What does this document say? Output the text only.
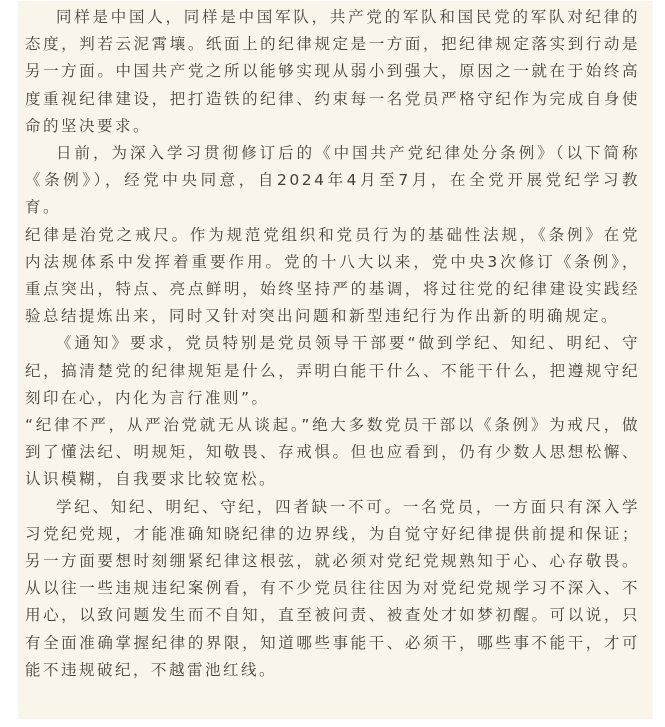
同样是中国人，同样是中国军队，共产党的军队和国民党的军队对纪律的态度，判若云泥霄壤。纸面上的纪律规定是一方面，把纪律规定落实到行动是另一方面。中国共产党之所以能够实现从弱小到强大，原因之一就在于始终高度重视纪律建设，把打造铁的纪律、约束每一名党员严格守纪作为完成自身使命的坚决要求。

日前，为深入学习贯彻修订后的《中国共产党纪律处分条例》（以下简称《条例》），经党中央同意，自2024年4月至7月，在全党开展党纪学习教育。

纪律是治党之戒尺。作为规范党组织和党员行为的基础性法规，《条例》在党内法规体系中发挥着重要作用。党的十八大以来，党中央3次修订《条例》，重点突出，特点、亮点鲜明，始终坚持严的基调，将过往党的纪律建设实践经验总结提炼出来，同时又针对突出问题和新型违纪行为作出新的明确规定。

《通知》要求，党员特别是党员领导干部要“做到学纪、知纪、明纪、守纪，搞清楚党的纪律规矩是什么，弄明白能干什么、不能干什么，把遵规守纪刻印在心，内化为言行准则”。

“纪律不严，从严治党就无从谈起。”绝大多数党员干部以《条例》为戒尺，做到了懂法纪、明规矩，知敬畏、存戒惧。但也应看到，仍有少数人思想松懈、认识模糊，自我要求比较宽松。

学纪、知纪、明纪、守纪，四者缺一不可。一名党员，一方面只有深入学习党纪党规，才能准确知晓纪律的边界线，为自觉守好纪律提供前提和保证；另一方面要想时刻绷紧纪律这根弦，就必须对党纪党规熟知于心、心存敬畏。从以往一些违规违纪案例看，有不少党员往往因为对党纪党规学习不深入、不用心，以致问题发生而不自知，直至被问责、被查处才如梦初醒。可以说，只有全面准确掌握纪律的界限，知道哪些事能干、必须干，哪些事不能干，才可能不违规破纪，不越雷池红线。
